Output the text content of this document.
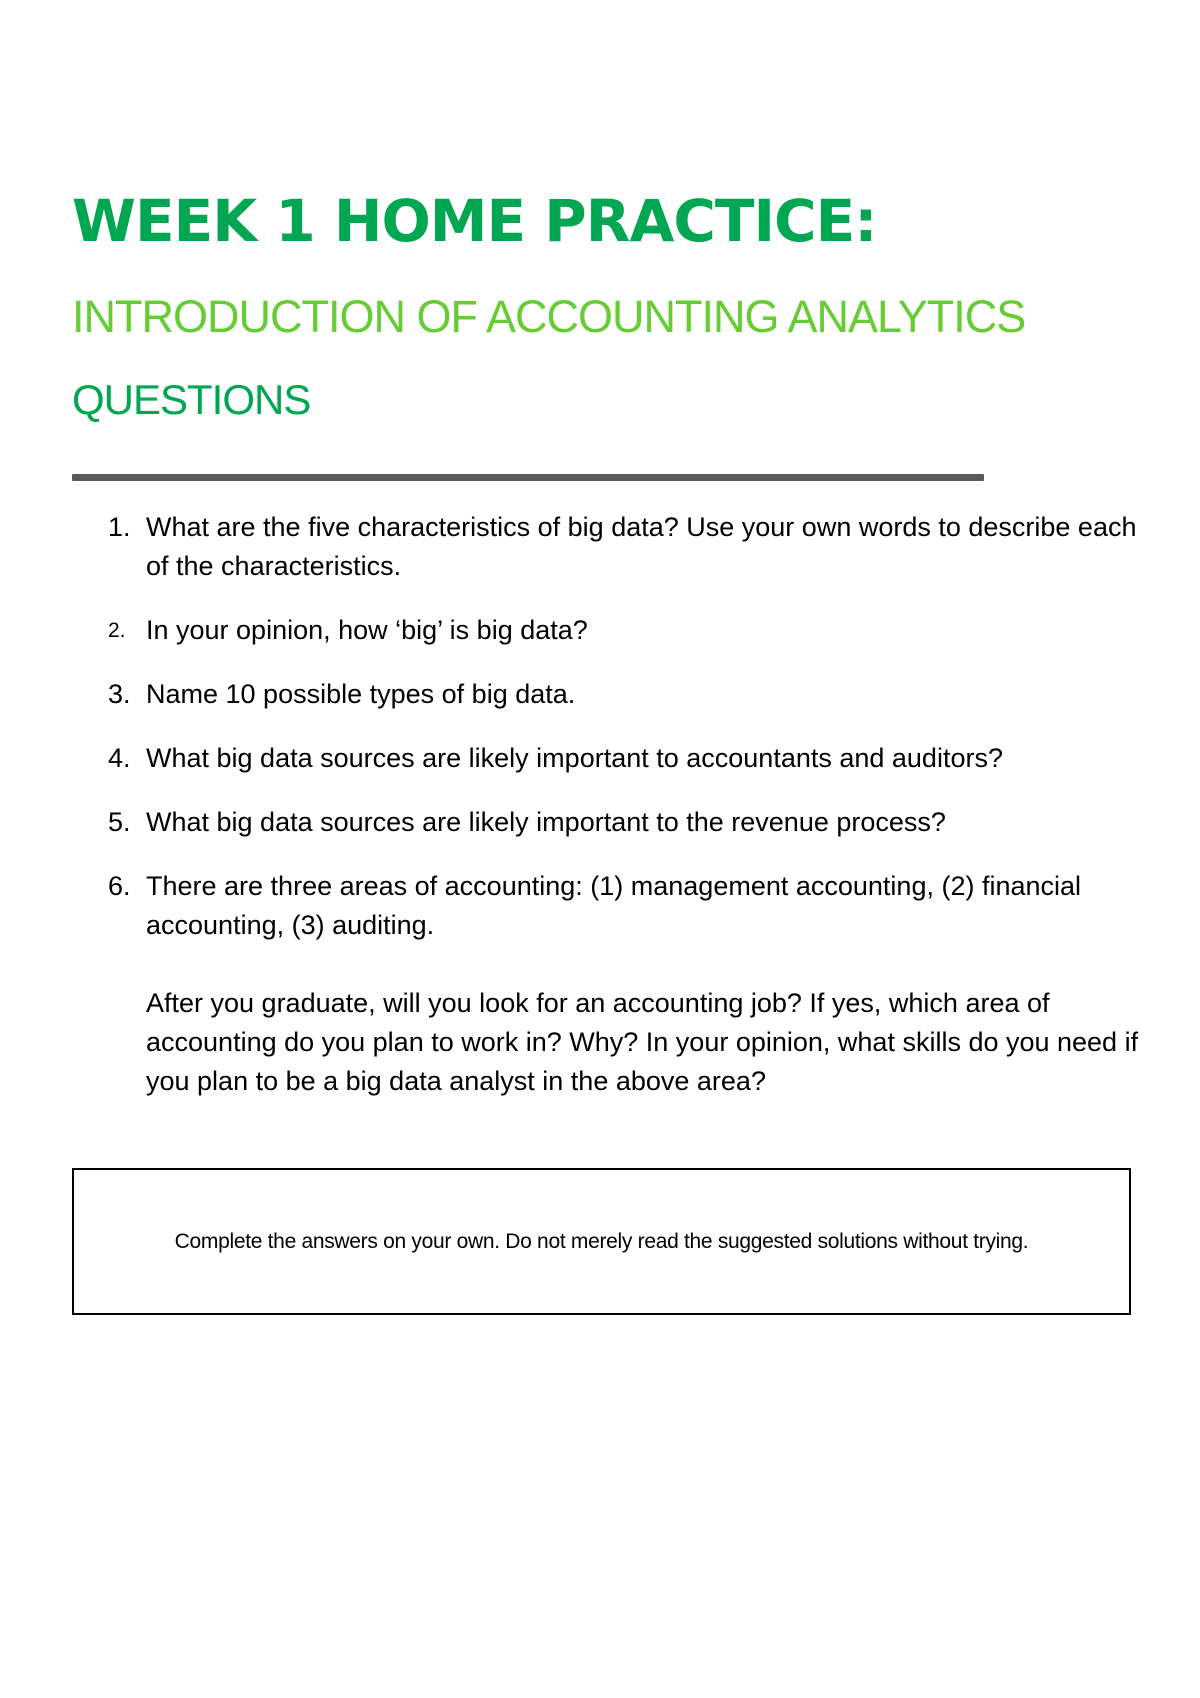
WEEK 1 HOME PRACTICE:
INTRODUCTION OF ACCOUNTING ANALYTICS
QUESTIONS
1. What are the five characteristics of big data? Use your own words to describe each of the characteristics.

2. In your opinion, how ‘big’ is big data?

3. Name 10 possible types of big data.

4. What big data sources are likely important to accountants and auditors?

5. What big data sources are likely important to the revenue process?

6. There are three areas of accounting: (1) management accounting, (2) financial accounting, (3) auditing.

After you graduate, will you look for an accounting job? If yes, which area of accounting do you plan to work in? Why? In your opinion, what skills do you need if you plan to be a big data analyst in the above area?

Complete the answers on your own. Do not merely read the suggested solutions without trying.
